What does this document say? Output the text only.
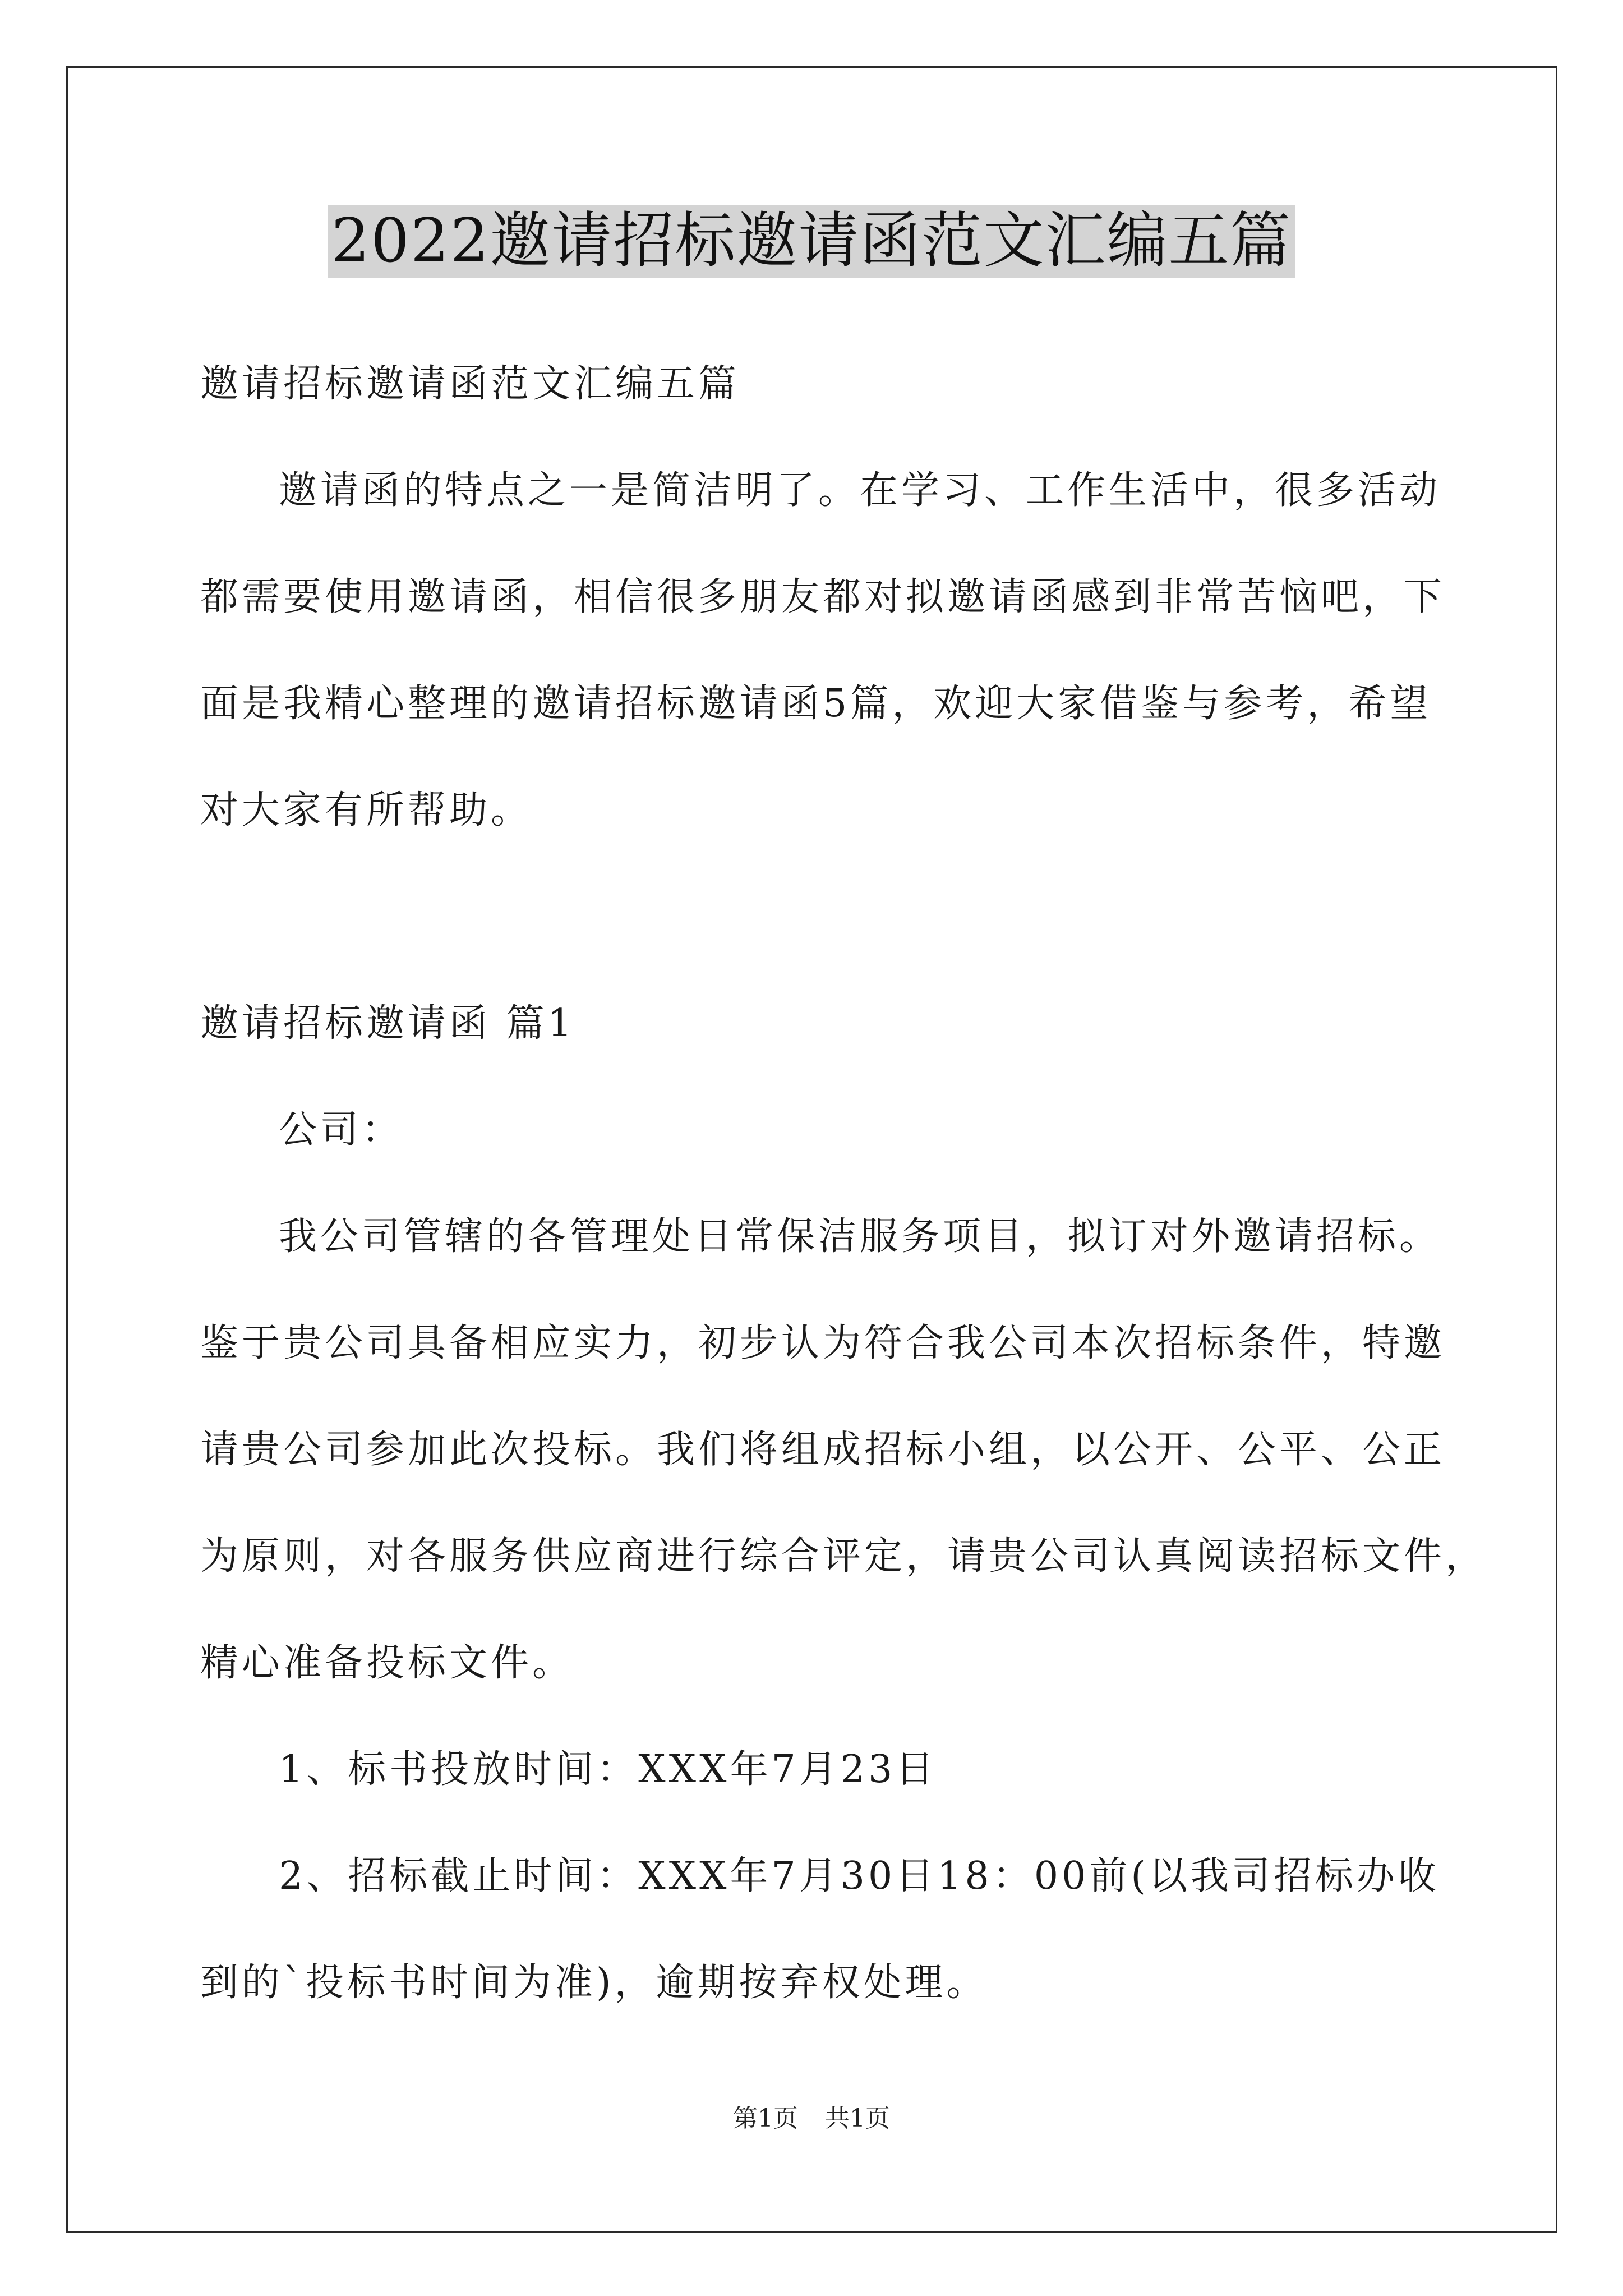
2022邀请招标邀请函范文汇编五篇
邀请招标邀请函范文汇编五篇
邀请函的特点之一是简洁明了。在学习、工作生活中，很多活动
都需要使用邀请函，相信很多朋友都对拟邀请函感到非常苦恼吧，下
面是我精心整理的邀请招标邀请函5篇，欢迎大家借鉴与参考，希望
对大家有所帮助。
邀请招标邀请函 篇1
公司：
我公司管辖的各管理处日常保洁服务项目，拟订对外邀请招标。
鉴于贵公司具备相应实力，初步认为符合我公司本次招标条件，特邀
请贵公司参加此次投标。我们将组成招标小组，以公开、公平、公正
为原则，对各服务供应商进行综合评定，请贵公司认真阅读招标文件，
精心准备投标文件。
1、标书投放时间：XXX年7月23日
2、招标截止时间：XXX年7月30日18：00前(以我司招标办收
到的`投标书时间为准)，逾期按弃权处理。
第1页 共1页
